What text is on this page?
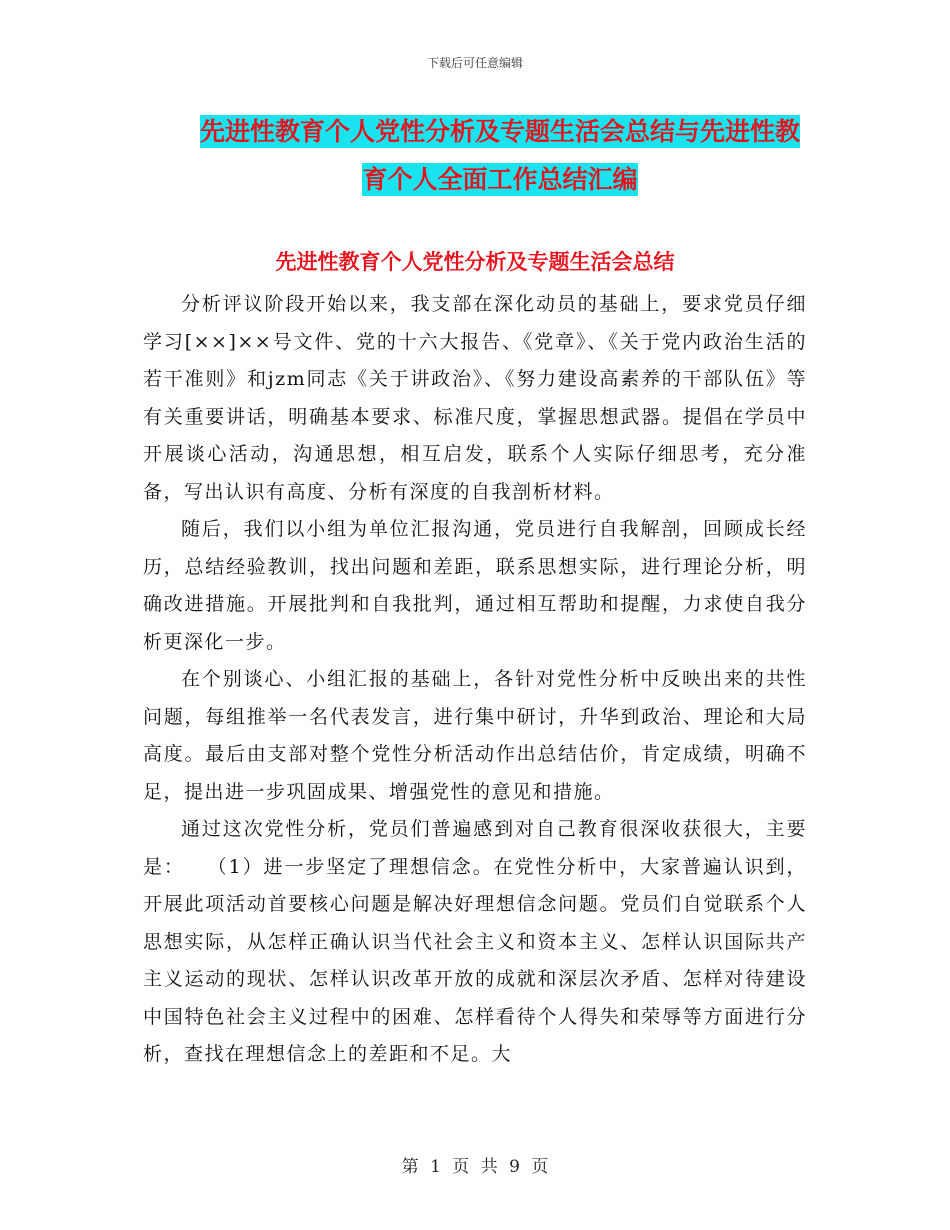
下载后可任意编辑
先进性教育个人党性分析及专题生活会总结与先进性教育个人全面工作总结汇编
先进性教育个人党性分析及专题生活会总结

分析评议阶段开始以来，我支部在深化动员的基础上，要求党员仔细学习[××]××号文件、党的十六大报告、《党章》、《关于党内政治生活的若干准则》和jzm同志《关于讲政治》、《努力建设高素养的干部队伍》等有关重要讲话，明确基本要求、标准尺度，掌握思想武器。提倡在学员中开展谈心活动，沟通思想，相互启发，联系个人实际仔细思考，充分准备，写出认识有高度、分析有深度的自我剖析材料。

随后，我们以小组为单位汇报沟通，党员进行自我解剖，回顾成长经历，总结经验教训，找出问题和差距，联系思想实际，进行理论分析，明确改进措施。开展批判和自我批判，通过相互帮助和提醒，力求使自我分析更深化一步。

在个别谈心、小组汇报的基础上，各针对党性分析中反映出来的共性问题，每组推举一名代表发言，进行集中研讨，升华到政治、理论和大局高度。最后由支部对整个党性分析活动作出总结估价，肯定成绩，明确不足，提出进一步巩固成果、增强党性的意见和措施。

通过这次党性分析，党员们普遍感到对自己教育很深收获很大，主要是：　　（1）进一步坚定了理想信念。在党性分析中，大家普遍认识到，开展此项活动首要核心问题是解决好理想信念问题。党员们自觉联系个人思想实际，从怎样正确认识当代社会主义和资本主义、怎样认识国际共产主义运动的现状、怎样认识改革开放的成就和深层次矛盾、怎样对待建设中国特色社会主义过程中的困难、怎样看待个人得失和荣辱等方面进行分析，查找在理想信念上的差距和不足。大

第 1 页 共 9 页
